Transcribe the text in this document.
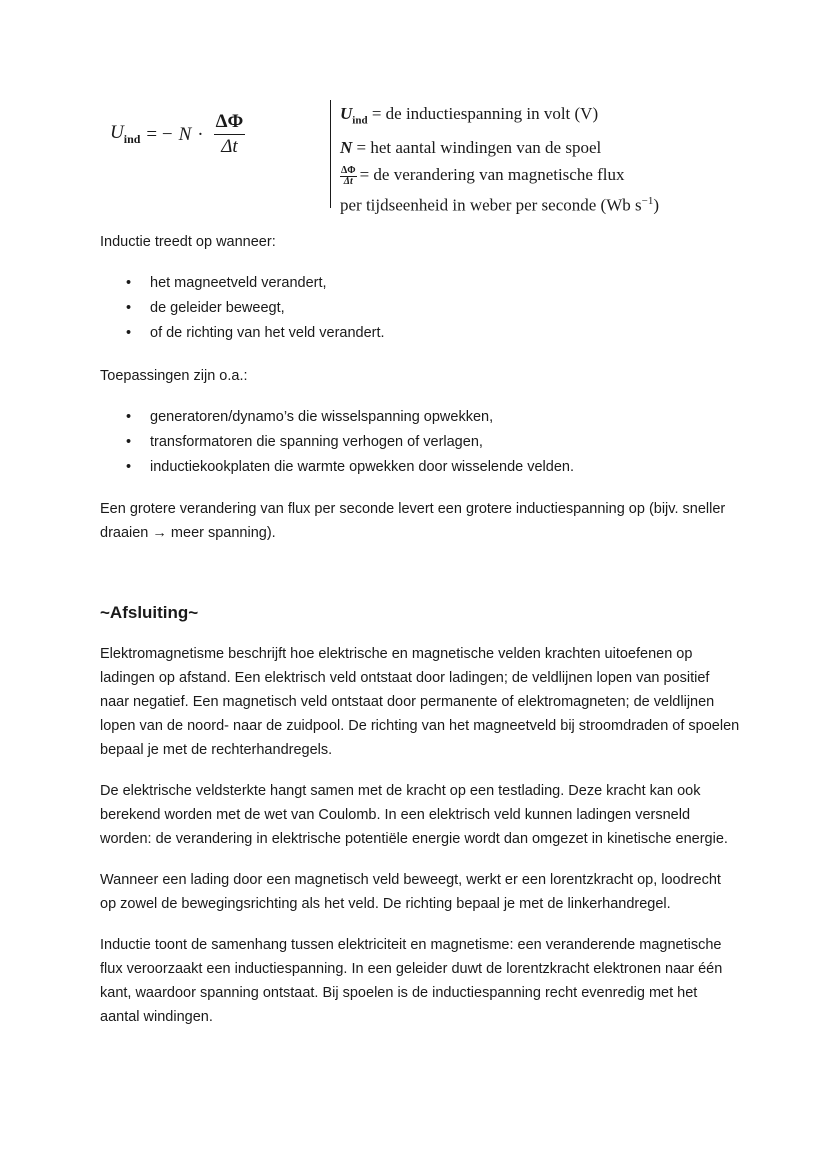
$U_{ind}$ = − $N \cdot \frac{\Delta\Phi}{\Delta t}$	$U_{ind}$ = de inductiespanning in volt (V)
N = het aantal windingen van de spoel
$\frac{\Delta\Phi}{\Delta t}$ = de verandering van magnetische flux
per tijdseenheid in weber per seconde (Wb $s^{-1}$)

Inductie treedt op wanneer:

• het magneetveld verandert,
• de geleider beweegt,
• of de richting van het veld verandert.

Toepassingen zijn o.a.:

• generatoren/dynamo’s die wisselspanning opwekken,
• transformatoren die spanning verhogen of verlagen,
• inductiekookplaten die warmte opwekken door wisselende velden.

Een grotere verandering van flux per seconde levert een grotere inductiespanning op (bijv. sneller draaien → meer spanning).

~Afsluiting~

Elektromagnetisme beschrijft hoe elektrische en magnetische velden krachten uitoefenen op ladingen op afstand. Een elektrisch veld ontstaat door ladingen; de veldlijnen lopen van positief naar negatief. Een magnetisch veld ontstaat door permanente of elektromagneten; de veldlijnen lopen van de noord- naar de zuidpool. De richting van het magneetveld bij stroomdraden of spoelen bepaal je met de rechterhandregels.

De elektrische veldsterkte hangt samen met de kracht op een testlading. Deze kracht kan ook berekend worden met de wet van Coulomb. In een elektrisch veld kunnen ladingen versneld worden: de verandering in elektrische potentiële energie wordt dan omgezet in kinetische energie.

Wanneer een lading door een magnetisch veld beweegt, werkt er een lorentzkracht op, loodrecht op zowel de bewegingsrichting als het veld. De richting bepaal je met de linkerhandregel.

Inductie toont de samenhang tussen elektriciteit en magnetisme: een veranderende magnetische flux veroorzaakt een inductiespanning. In een geleider duwt de lorentzkracht elektronen naar één kant, waardoor spanning ontstaat. Bij spoelen is de inductiespanning recht evenredig met het aantal windingen.
